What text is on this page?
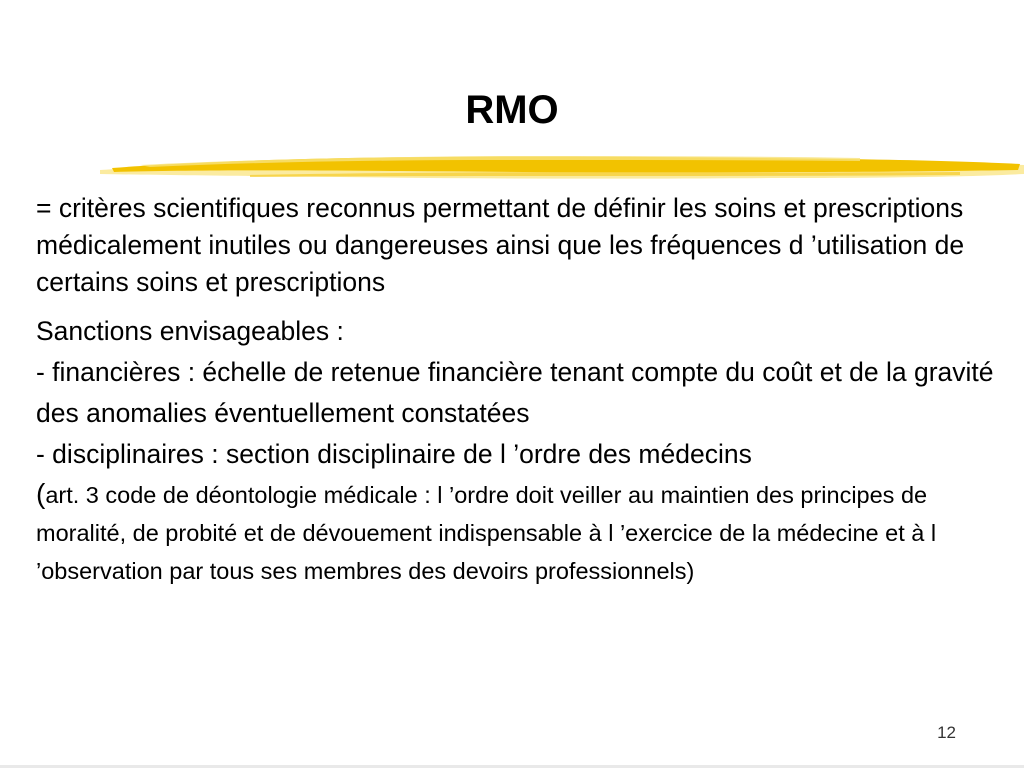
RMO

= critères scientifiques reconnus permettant de définir les soins et prescriptions médicalement inutiles ou dangereuses ainsi que les fréquences d ’utilisation de certains soins et prescriptions

Sanctions envisageables :
- financières : échelle de retenue financière tenant compte du coût et de la gravité des anomalies éventuellement constatées
- disciplinaires : section disciplinaire de l ’ordre des médecins
(art. 3 code de déontologie médicale : l ’ordre doit veiller au maintien des principes de moralité, de probité et de dévouement indispensable à l ’exercice de la médecine et à l ’observation par tous ses membres des devoirs professionnels)
12
